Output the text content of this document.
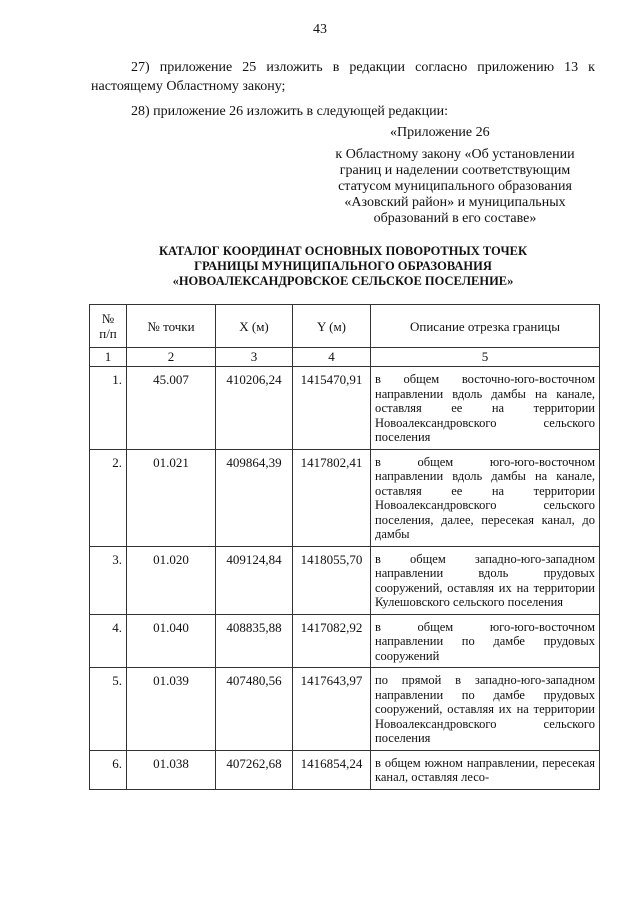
43
27) приложение 25 изложить в редакции согласно приложению 13 к настоящему Областному закону;
28) приложение 26 изложить в следующей редакции:
«Приложение 26
к Областному закону «Об установлении
границ и наделении соответствующим
статусом муниципального образования
«Азовский район» и муниципальных
образований в его составе»
КАТАЛОГ КООРДИНАТ ОСНОВНЫХ ПОВОРОТНЫХ ТОЧЕК
ГРАНИЦЫ МУНИЦИПАЛЬНОГО ОБРАЗОВАНИЯ
«НОВОАЛЕКСАНДРОВСКОЕ СЕЛЬСКОЕ ПОСЕЛЕНИЕ»
№
п/п	№ точки	X (м)	Y (м)	Описание отрезка границы
1	2	3	4	5
1.	45.007	410206,24	1415470,91	в общем восточно-юго-восточном направлении вдоль дамбы на канале, оставляя ее на территории Новоалександровского сельского поселения
2.	01.021	409864,39	1417802,41	в общем юго-юго-восточном направлении вдоль дамбы на канале, оставляя ее на территории Новоалександровского сельского поселения, далее, пересекая канал, до дамбы
3.	01.020	409124,84	1418055,70	в общем западно-юго-западном направлении вдоль прудовых сооружений, оставляя их на территории Кулешовского сельского поселения
4.	01.040	408835,88	1417082,92	в общем юго-юго-восточном направлении по дамбе прудовых сооружений
5.	01.039	407480,56	1417643,97	по прямой в западно-юго-западном направлении по дамбе прудовых сооружений, оставляя их на территории Новоалександровского сельского поселения
6.	01.038	407262,68	1416854,24	в общем южном направлении, пересекая канал, оставляя лесо-
